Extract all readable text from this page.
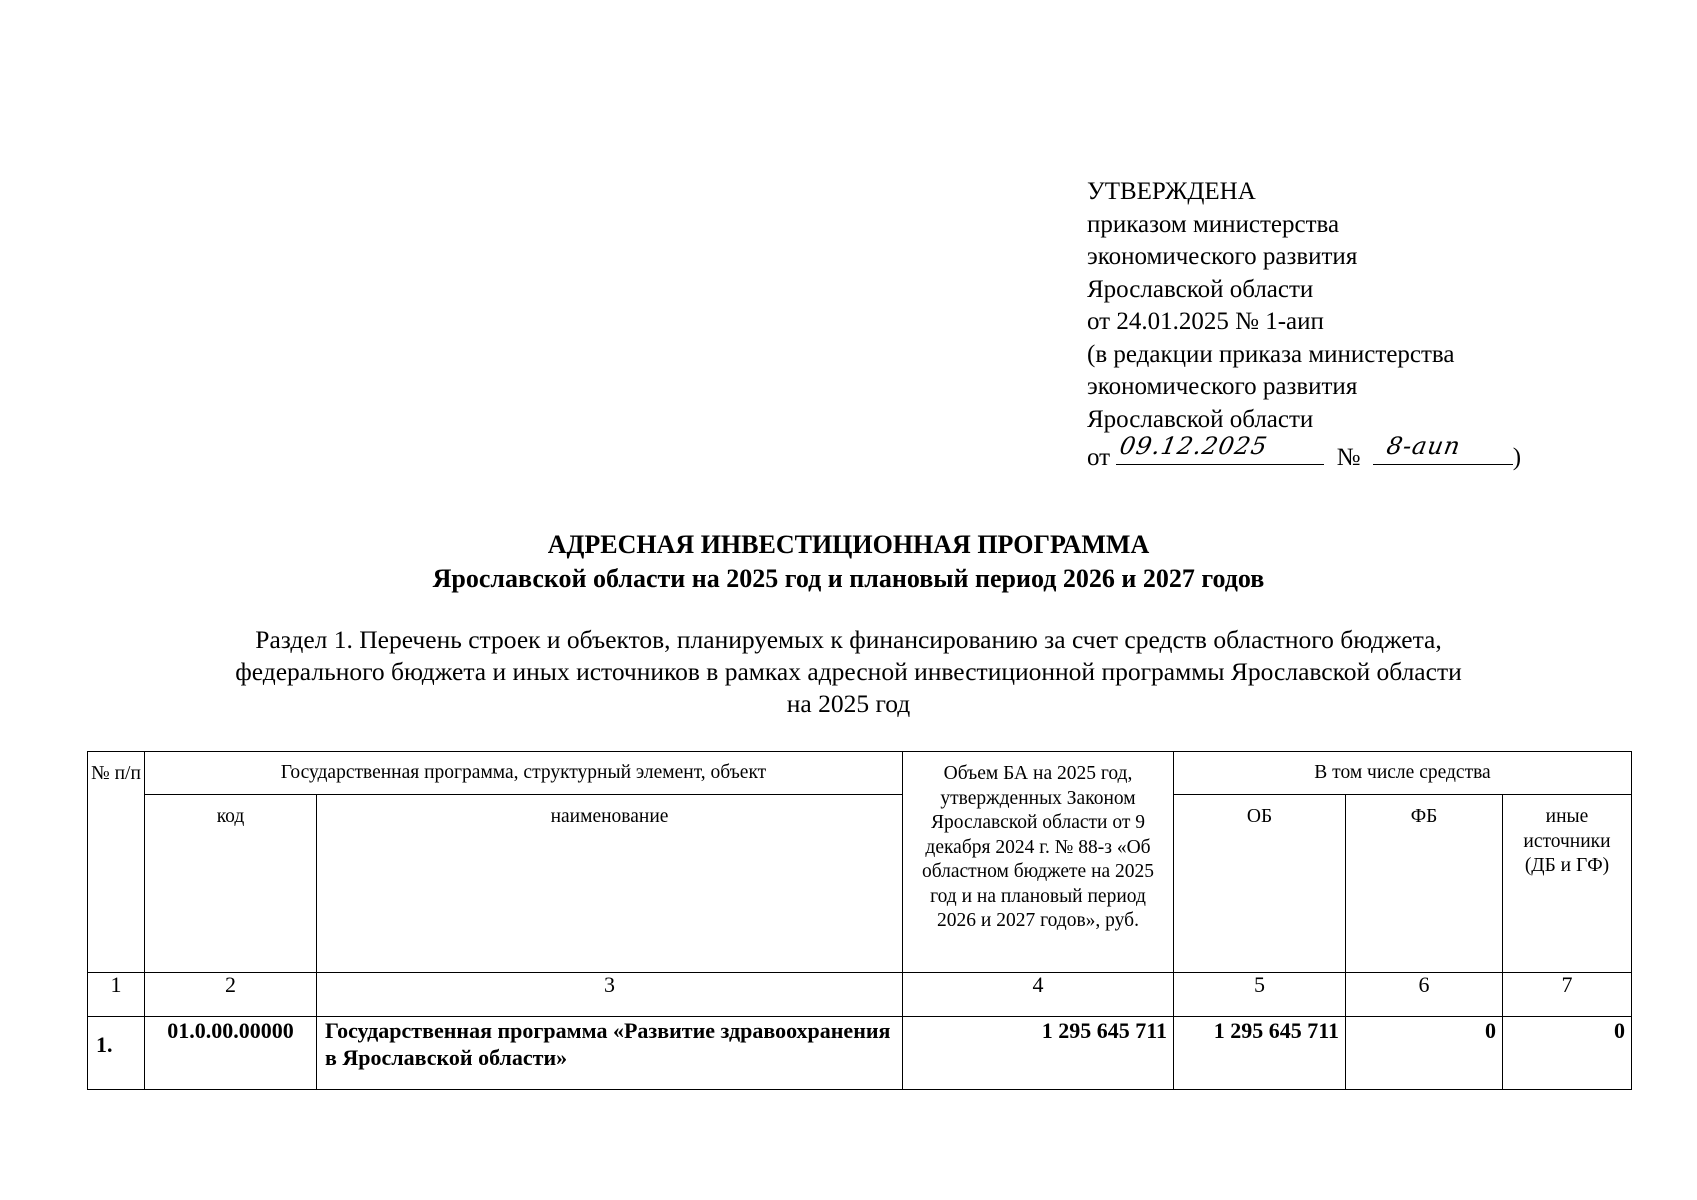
УТВЕРЖДЕНА
приказом министерства
экономического развития
Ярославской области
от 24.01.2025 № 1-аип
(в редакции приказа министерства
экономического развития
Ярославской области
от 09.12.2025	№ 8-аип )
АДРЕСНАЯ ИНВЕСТИЦИОННАЯ ПРОГРАММА
Ярославской области на 2025 год и плановый период 2026 и 2027 годов
Раздел 1. Перечень строек и объектов, планируемых к финансированию за счет средств областного бюджета,
федерального бюджета и иных источников в рамках адресной инвестиционной программы Ярославской области
на 2025 год
№ п/п	Государственная программа, структурный элемент, объект		Объем БА на 2025 год, утвержденных Законом Ярославской области от 9 декабря 2024 г. № 88-з «Об областном бюджете на 2025 год и на плановый период 2026 и 2027 годов», руб.	В том числе средства		
	код	наименование		ОБ	ФБ	иные источники (ДБ и ГФ)
1	2	3	4	5	6	7
1.	01.0.00.00000	Государственная программа «Развитие здравоохранения в Ярославской области»	1 295 645 711	1 295 645 711	0	0
